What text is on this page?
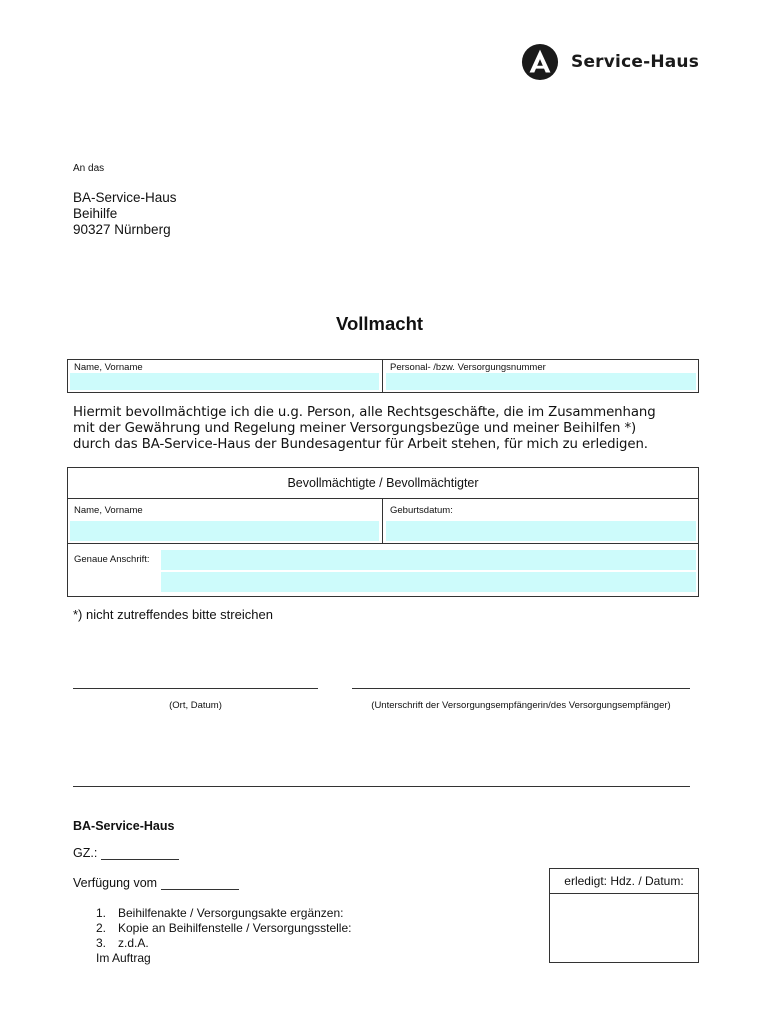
Service-Haus
An das
BA-Service-Haus
Beihilfe
90327 Nürnberg
Vollmacht
Name, Vorname	Personal- /bzw. Versorgungsnummer
Hiermit bevollmächtige ich die u.g. Person, alle Rechtsgeschäfte, die im Zusammenhang
mit der Gewährung und Regelung meiner Versorgungsbezüge und meiner Beihilfen *)
durch das BA-Service-Haus der Bundesagentur für Arbeit stehen, für mich zu erledigen.
Bevollmächtigte / Bevollmächtigter
Name, Vorname	Geburtsdatum:
Genaue Anschrift:
*) nicht zutreffendes bitte streichen
(Ort, Datum)	(Unterschrift der Versorgungsempfängerin/des Versorgungsempfänger)
BA-Service-Haus
GZ.:
Verfügung vom
1. Beihilfenakte / Versorgungsakte ergänzen:
2. Kopie an Beihilfenstelle / Versorgungsstelle:
3. z.d.A.
Im Auftrag
erledigt: Hdz. / Datum:
